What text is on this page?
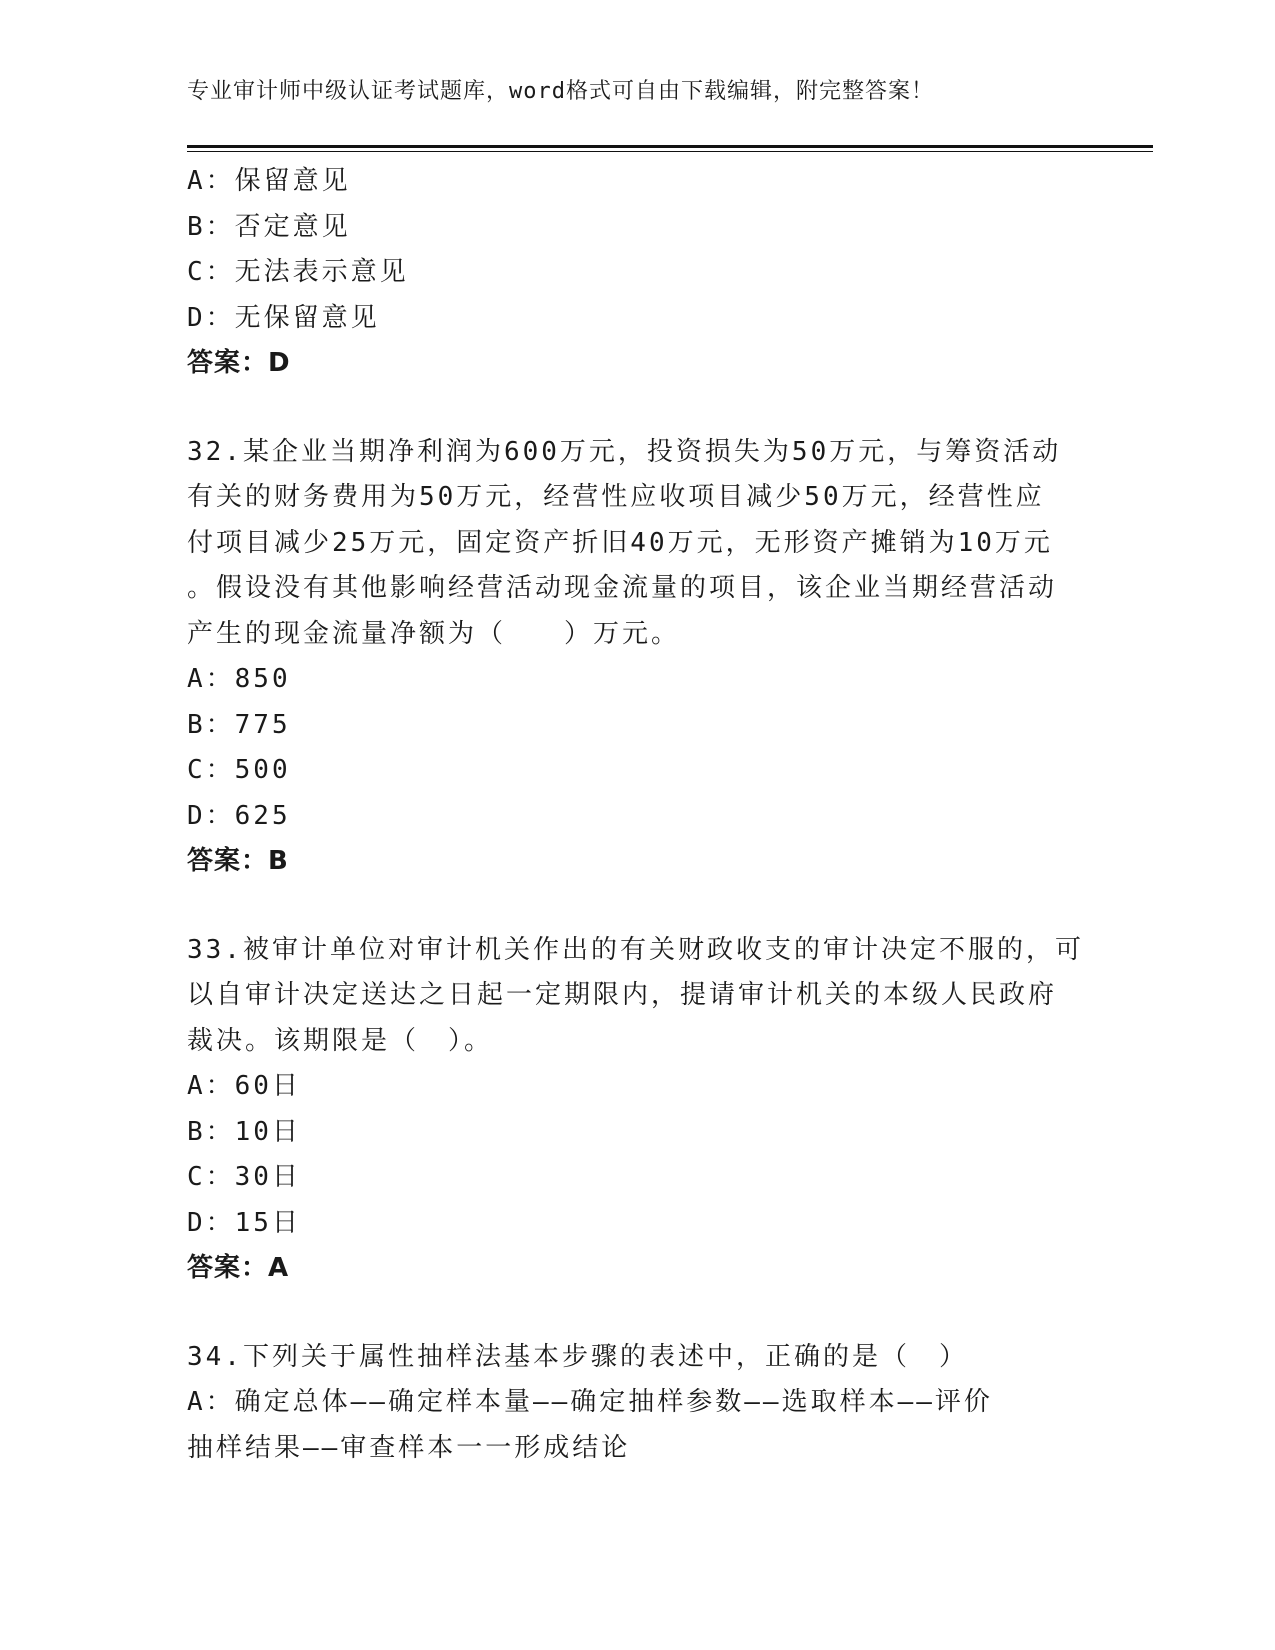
专业审计师中级认证考试题库，word格式可自由下载编辑，附完整答案！
A：保留意见
B：否定意见
C：无法表示意见
D：无保留意见
答案：D
32.某企业当期净利润为600万元，投资损失为50万元，与筹资活动
有关的财务费用为50万元，经营性应收项目减少50万元，经营性应
付项目减少25万元，固定资产折旧40万元，无形资产摊销为10万元
。假设没有其他影响经营活动现金流量的项目，该企业当期经营活动
产生的现金流量净额为（　　）万元。
A：850
B：775
C：500
D：625
答案：B
33.被审计单位对审计机关作出的有关财政收支的审计决定不服的，可
以自审计决定送达之日起一定期限内，提请审计机关的本级人民政府
裁决。该期限是（　）。
A：60日
B：10日
C：30日
D：15日
答案：A
34.下列关于属性抽样法基本步骤的表述中，正确的是（　）
A：确定总体——确定样本量——确定抽样参数——选取样本——评价
抽样结果——审查样本一一形成结论
